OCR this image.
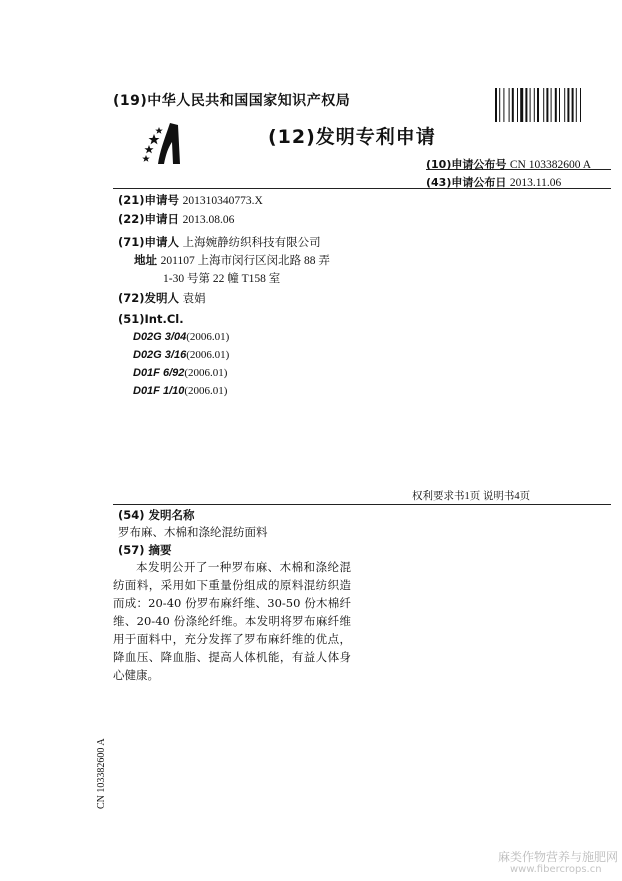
(19)中华人民共和国国家知识产权局
(12)发明专利申请
(10)申请公布号 CN 103382600 A
(43)申请公布日 2013.11.06
(21)申请号 201310340773.X
(22)申请日 2013.08.06
(71)申请人 上海婉静纺织科技有限公司
地址 201107 上海市闵行区闵北路 88 弄
1-30 号第 22 幢 T158 室
(72)发明人 袁娟
(51)Int.Cl.
D02G 3/04(2006.01)
D02G 3/16(2006.01)
D01F 6/92(2006.01)
D01F 1/10(2006.01)
权利要求书1页 说明书4页
(54) 发明名称
罗布麻、木棉和涤纶混纺面料
(57) 摘要
本发明公开了一种罗布麻、木棉和涤纶混纺面料，采用如下重量份组成的原料混纺织造而成：20-40 份罗布麻纤维、30-50 份木棉纤维、20-40 份涤纶纤维。本发明将罗布麻纤维用于面料中，充分发挥了罗布麻纤维的优点，降血压、降血脂、提高人体机能，有益人体身心健康。
CN 103382600 A
麻类作物营养与施肥网
www.fibercrops.cn
